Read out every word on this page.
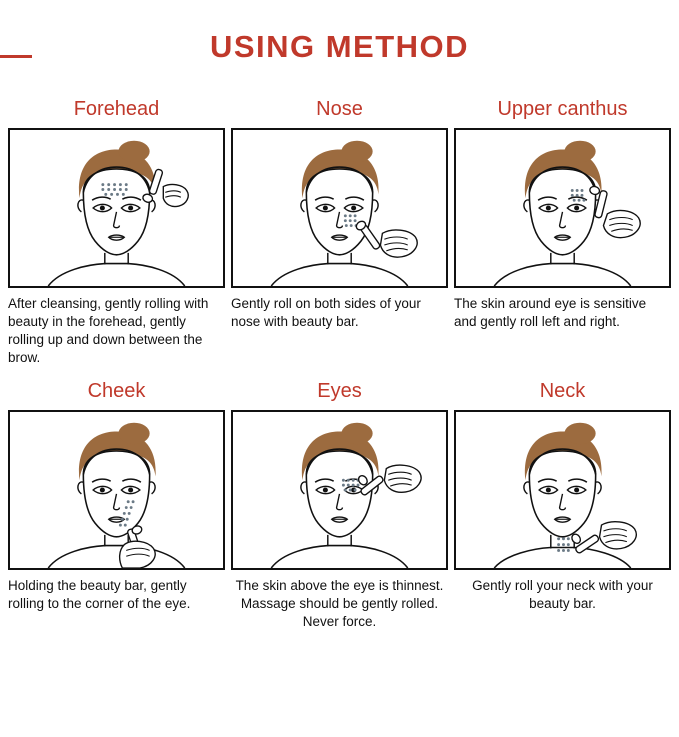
USING METHOD
Forehead
After cleansing, gently rolling with beauty in the forehead, gently rolling up and down between the brow.
Nose
Gently roll on both sides of your nose with beauty bar.
Upper canthus
The skin around eye is sensitive and gently roll left and right.
Cheek
Holding the beauty bar, gently rolling to the corner of the eye.
Eyes
The skin above the eye is thinnest. Massage should be gently rolled. Never force.
Neck
Gently roll your neck with your beauty bar.
